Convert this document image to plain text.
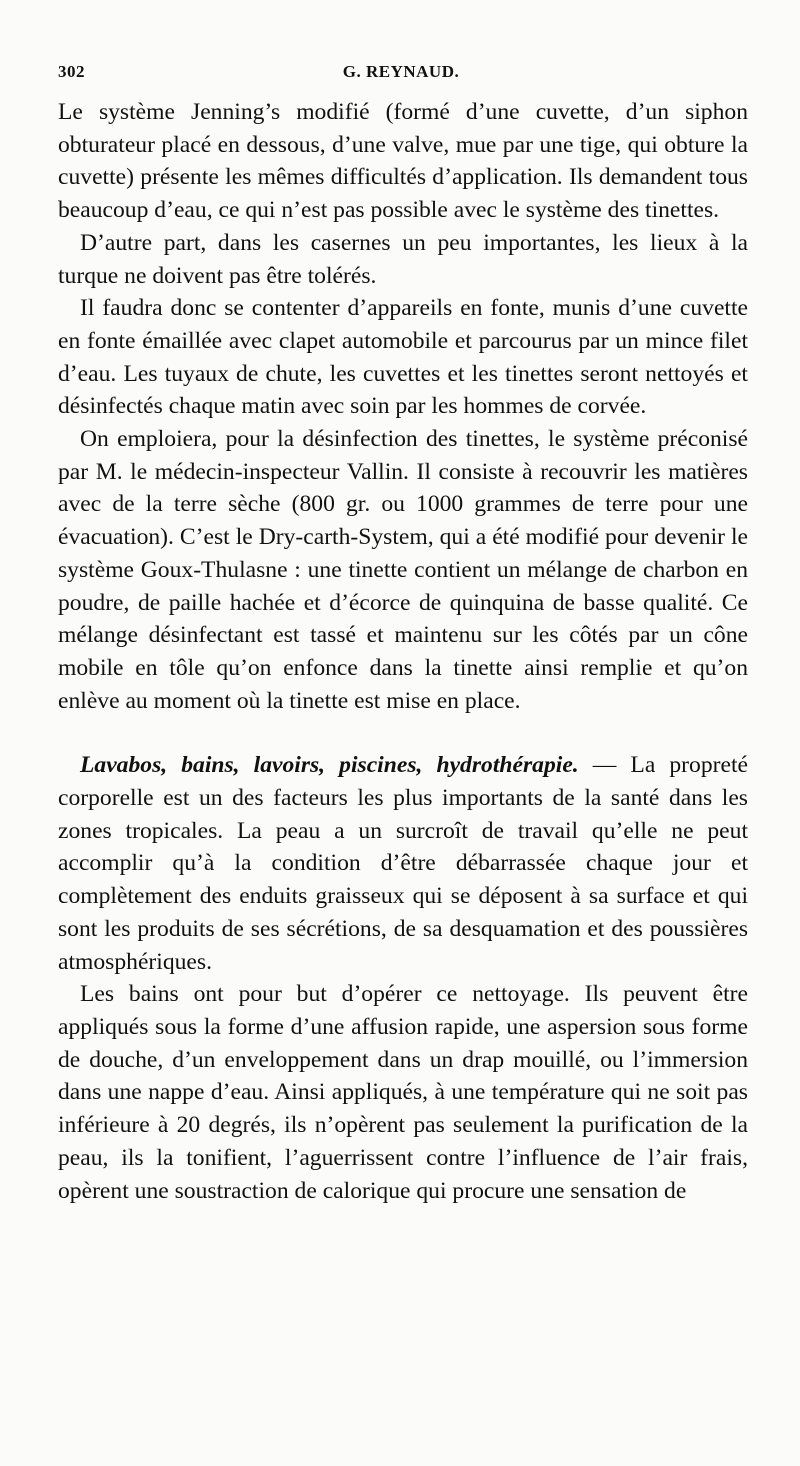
302	G. REYNAUD.

Le système Jenning’s modifié (formé d’une cuvette, d’un siphon obturateur placé en dessous, d’une valve, mue par une tige, qui obture la cuvette) présente les mêmes difficultés d’application. Ils demandent tous beaucoup d’eau, ce qui n’est pas possible avec le système des tinettes.

D’autre part, dans les casernes un peu importantes, les lieux à la turque ne doivent pas être tolérés.

Il faudra donc se contenter d’appareils en fonte, munis d’une cuvette en fonte émaillée avec clapet automobile et parcourus par un mince filet d’eau. Les tuyaux de chute, les cuvettes et les tinettes seront nettoyés et désinfectés chaque matin avec soin par les hommes de corvée.

On emploiera, pour la désinfection des tinettes, le système préconisé par M. le médecin-inspecteur Vallin. Il consiste à recouvrir les matières avec de la terre sèche (800 gr. ou 1000 grammes de terre pour une évacuation). C’est le Dry-carth-System, qui a été modifié pour devenir le système Goux-Thulasne : une tinette contient un mélange de charbon en poudre, de paille hachée et d’écorce de quinquina de basse qualité. Ce mélange désinfectant est tassé et maintenu sur les côtés par un cône mobile en tôle qu’on enfonce dans la tinette ainsi remplie et qu’on enlève au moment où la tinette est mise en place.

Lavabos, bains, lavoirs, piscines, hydrothérapie. — La propreté corporelle est un des facteurs les plus importants de la santé dans les zones tropicales. La peau a un surcroît de travail qu’elle ne peut accomplir qu’à la condition d’être débarrassée chaque jour et complètement des enduits graisseux qui se déposent à sa surface et qui sont les produits de ses sécrétions, de sa desquamation et des poussières atmosphériques.

Les bains ont pour but d’opérer ce nettoyage. Ils peuvent être appliqués sous la forme d’une affusion rapide, une aspersion sous forme de douche, d’un enveloppement dans un drap mouillé, ou l’immersion dans une nappe d’eau. Ainsi appliqués, à une température qui ne soit pas inférieure à 20 degrés, ils n’opèrent pas seulement la purification de la peau, ils la tonifient, l’aguerrissent contre l’influence de l’air frais, opèrent une soustraction de calorique qui procure une sensation de
